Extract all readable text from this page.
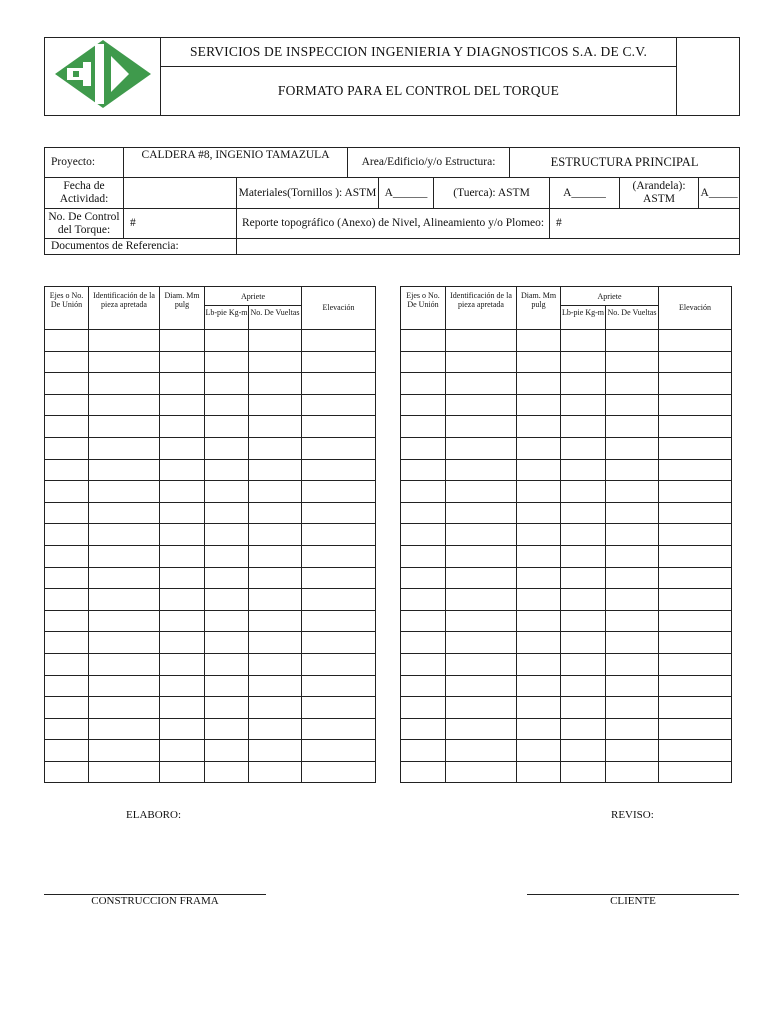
	SERVICIOS DE INSPECCION INGENIERIA Y DIAGNOSTICOS S.A. DE C.V.	
FORMATO PARA EL CONTROL DEL TORQUE
Proyecto:	CALDERA #8, INGENIO TAMAZULA		Area/Edificio/y/o Estructura:			ESTRUCTURA PRINCIPAL			
Fecha de Actividad:		Materiales(Tornillos ): ASTM		A______	(Tuerca): ASTM		A______	(Arandela): ASTM	A_____
No. De Control del Torque:	#	Reporte topográfico (Anexo) de Nivel, Alineamiento y/o Plomeo:					#		
Documentos de Referencia:									
Ejes o No. De Unión	Identificación de la pieza apretada	Diam. Mm pulg	Apriete		Elevación
			Lb-pie Kg-m	No. De Vueltas	

Ejes o No. De Unión	Identificación de la pieza apretada	Diam. Mm pulg	Apriete		Elevación
			Lb-pie Kg-m	No. De Vueltas	

ELABORO:	REVISO:
CONSTRUCCION FRAMA	CLIENTE
